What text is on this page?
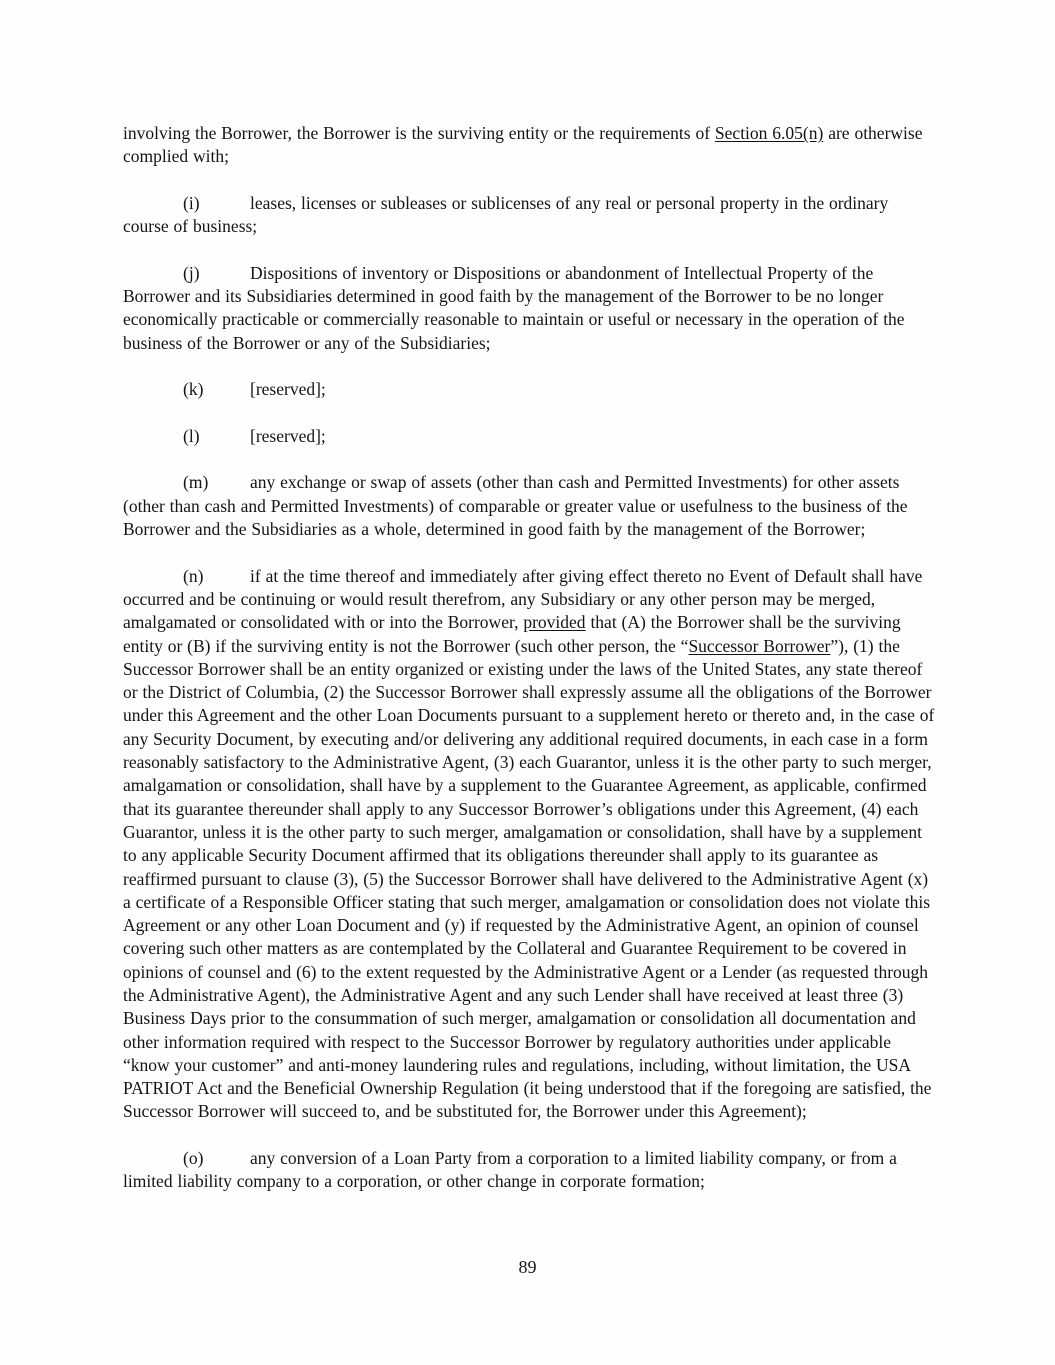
involving the Borrower, the Borrower is the surviving entity or the requirements of Section 6.05(n) are otherwise complied with;

(i)	leases, licenses or subleases or sublicenses of any real or personal property in the ordinary course of business;

(j)	Dispositions of inventory or Dispositions or abandonment of Intellectual Property of the Borrower and its Subsidiaries determined in good faith by the management of the Borrower to be no longer economically practicable or commercially reasonable to maintain or useful or necessary in the operation of the business of the Borrower or any of the Subsidiaries;

(k)	[reserved];

(l)	[reserved];

(m) any exchange or swap of assets (other than cash and Permitted Investments) for other assets (other than cash and Permitted Investments) of comparable or greater value or usefulness to the business of the Borrower and the Subsidiaries as a whole, determined in good faith by the management of the Borrower;

(n)	if at the time thereof and immediately after giving effect thereto no Event of Default shall have occurred and be continuing or would result therefrom, any Subsidiary or any other person may be merged, amalgamated or consolidated with or into the Borrower, provided that (A) the Borrower shall be the surviving entity or (B) if the surviving entity is not the Borrower (such other person, the “Successor Borrower”), (1) the Successor Borrower shall be an entity organized or existing under the laws of the United States, any state thereof or the District of Columbia, (2) the Successor Borrower shall expressly assume all the obligations of the Borrower under this Agreement and the other Loan Documents pursuant to a supplement hereto or thereto and, in the case of any Security Document, by executing and/or delivering any additional required documents, in each case in a form reasonably satisfactory to the Administrative Agent, (3) each Guarantor, unless it is the other party to such merger, amalgamation or consolidation, shall have by a supplement to the Guarantee Agreement, as applicable, confirmed that its guarantee thereunder shall apply to any Successor Borrower’s obligations under this Agreement, (4) each Guarantor, unless it is the other party to such merger, amalgamation or consolidation, shall have by a supplement to any applicable Security Document affirmed that its obligations thereunder shall apply to its guarantee as reaffirmed pursuant to clause (3), (5) the Successor Borrower shall have delivered to the Administrative Agent (x) a certificate of a Responsible Officer stating that such merger, amalgamation or consolidation does not violate this Agreement or any other Loan Document and (y) if requested by the Administrative Agent, an opinion of counsel covering such other matters as are contemplated by the Collateral and Guarantee Requirement to be covered in opinions of counsel and (6) to the extent requested by the Administrative Agent or a Lender (as requested through the Administrative Agent), the Administrative Agent and any such Lender shall have received at least three (3) Business Days prior to the consummation of such merger, amalgamation or consolidation all documentation and other information required with respect to the Successor Borrower by regulatory authorities under applicable “know your customer” and anti-money laundering rules and regulations, including, without limitation, the USA PATRIOT Act and the Beneficial Ownership Regulation (it being understood that if the foregoing are satisfied, the Successor Borrower will succeed to, and be substituted for, the Borrower under this Agreement);

(o)	any conversion of a Loan Party from a corporation to a limited liability company, or from a limited liability company to a corporation, or other change in corporate formation;

89
